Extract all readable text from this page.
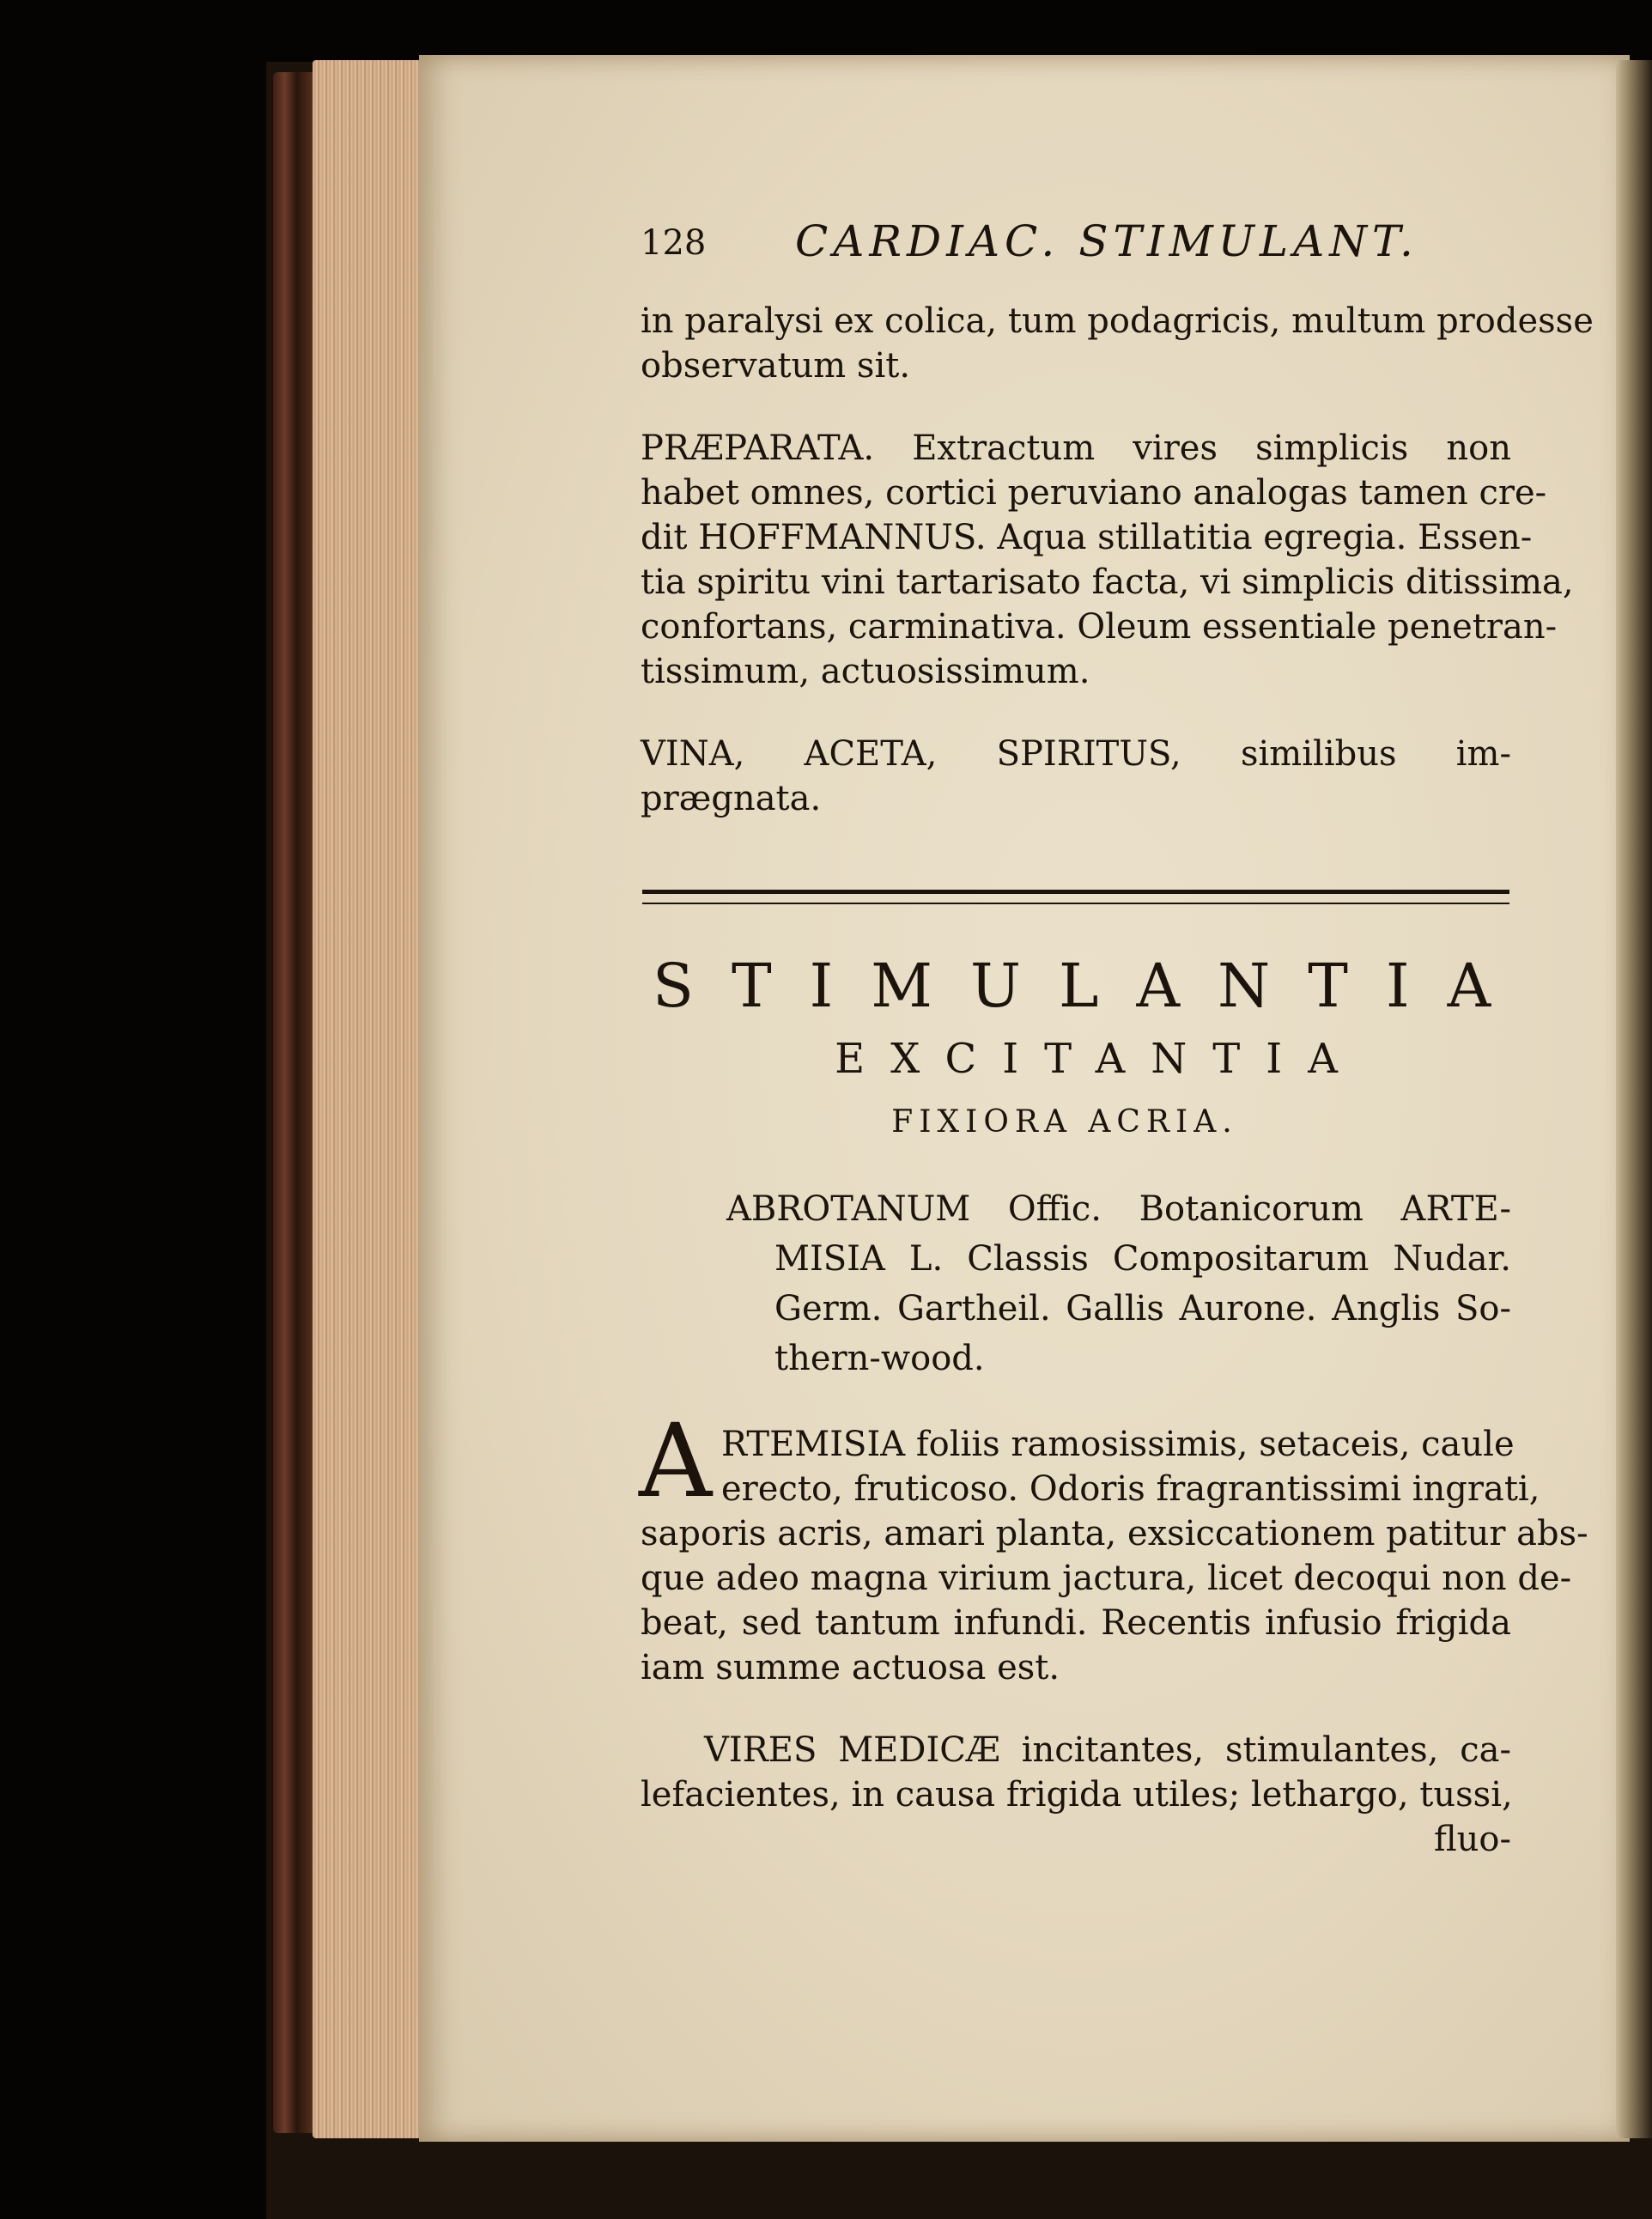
128 CARDIAC. STIMULANT.
in paralysi ex colica, tum podagricis, multum prodesse
observatum sit.
PRÆPARATA. Extractum vires simplicis non
habet omnes, cortici peruviano analogas tamen cre-
dit HOFFMANNUS. Aqua stillatitia egregia. Essen-
tia spiritu vini tartarisato facta, vi simplicis ditissima,
confortans, carminativa. Oleum essentiale penetran-
tissimum, actuosissimum.
VINA, ACETA, SPIRITUS, similibus im-
prægnata.
STIMULANTIA
EXCITANTIA
FIXIORA ACRIA.
ABROTANUM Offic. Botanicorum ARTE-
MISIA L. Classis Compositarum Nudar.
Germ. Gartheil. Gallis Aurone. Anglis So-
thern-wood.
A RTEMISIA foliis ramosissimis, setaceis, caule
erecto, fruticoso. Odoris fragrantissimi ingrati,
saporis acris, amari planta, exsiccationem patitur abs-
que adeo magna virium jactura, licet decoqui non de-
beat, sed tantum infundi. Recentis infusio frigida
iam summe actuosa est.
VIRES MEDICÆ incitantes, stimulantes, ca-
lefacientes, in causa frigida utiles; lethargo, tussi,
fluo-
